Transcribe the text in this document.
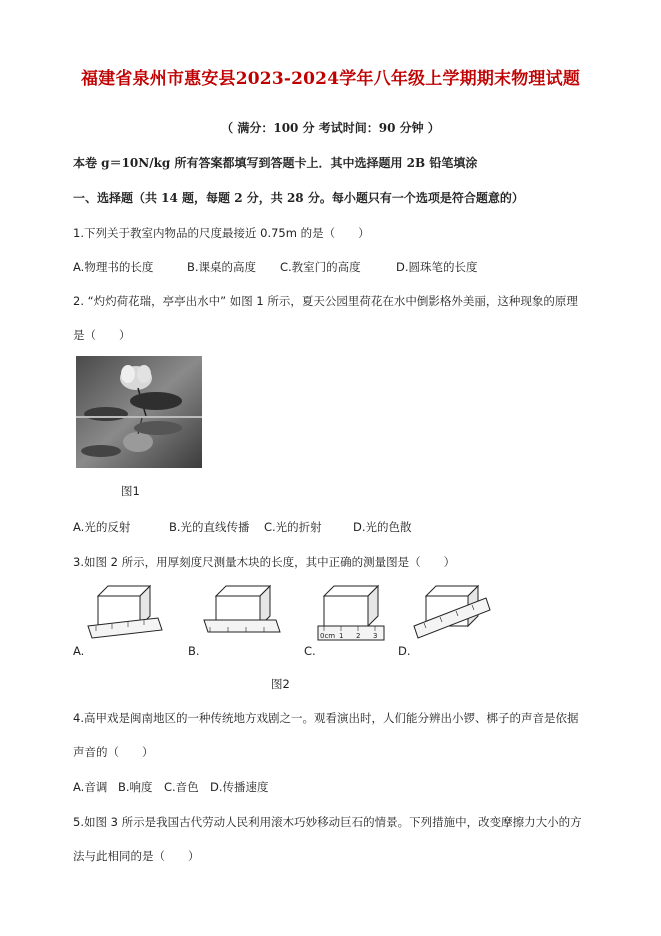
福建省泉州市惠安县2023-2024学年八年级上学期期末物理试题
（ 满分：100 分 考试时间：90 分钟 ）
本卷 g＝10N/kg 所有答案都填写到答题卡上．其中选择题用 2B 铅笔填涂
一、选择题（共 14 题，每题 2 分，共 28 分。每小题只有一个选项是符合题意的）
1.下列关于教室内物品的尺度最接近 0.75m 的是（　　）
A.物理书的长度	B.课桌的高度 C.教室门的高度	D.圆珠笔的长度
2. “灼灼荷花瑞，亭亭出水中” 如图 1 所示，夏天公园里荷花在水中倒影格外美丽，这种现象的原理
是（　　）
图1
A.光的反射	B.光的直线传播 C.光的折射	D.光的色散
3.如图 2 所示，用厚刻度尺测量木块的长度，其中正确的测量图是（　　）
A.	B.
0cm 1 2 3
C.	D.
图2
4.高甲戏是闽南地区的一种传统地方戏剧之一。观看演出时，人们能分辨出小锣、梆子的声音是依据
声音的（　　）
A.音调 B.响度 C.音色 D.传播速度
5.如图 3 所示是我国古代劳动人民利用滚木巧妙移动巨石的情景。下列措施中，改变摩擦力大小的方
法与此相同的是（　　）
